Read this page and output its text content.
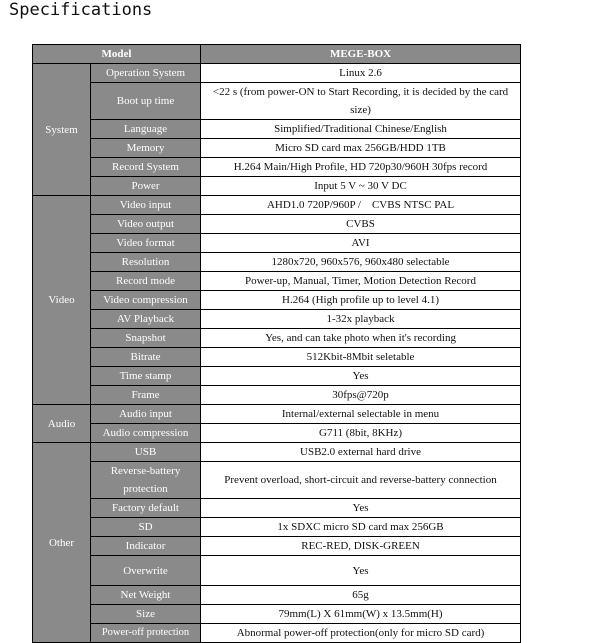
Specifications
Model		MEGE-BOX
System	Operation System	Linux 2.6
	Boot up time	<22 s (from power-ON to Start Recording, it is decided by the card size)
	Language	Simplified/Traditional Chinese/English
	Memory	Micro SD card max 256GB/HDD 1TB
	Record System	H.264 Main/High Profile, HD 720p30/960H 30fps record
	Power	Input 5 V ~ 30 V DC
Video	Video input	AHD1.0 720P/960P /    CVBS NTSC PAL
	Video output	CVBS
	Video format	AVI
	Resolution	1280x720, 960x576, 960x480 selectable
	Record mode	Power-up, Manual, Timer, Motion Detection Record
	Video compression	H.264 (High profile up to level 4.1)
	AV Playback	1-32x playback
	Snapshot	Yes, and can take photo when it's recording
	Bitrate	512Kbit-8Mbit seletable
	Time stamp	Yes
	Frame	30fps@720p
Audio	Audio input	Internal/external selectable in menu
	Audio compression	G711 (8bit, 8KHz)
Other	USB	USB2.0 external hard drive
	Reverse-battery protection	Prevent overload, short-circuit and reverse-battery connection
	Factory default	Yes
	SD	1x SDXC micro SD card max 256GB
	Indicator	REC-RED, DISK-GREEN
	Overwrite	Yes
	Net Weight	65g
	Size	79mm(L) X 61mm(W) x 13.5mm(H)
	Power-off protection	Abnormal power-off protection(only for micro SD card)
